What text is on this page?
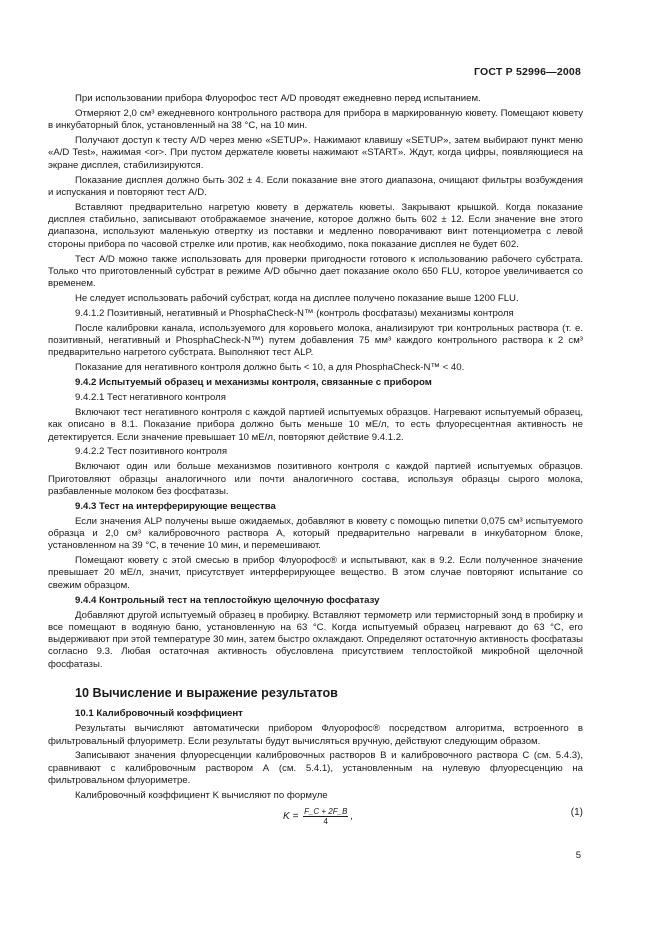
ГОСТ Р 52996—2008
При использовании прибора Флуорофос тест A/D проводят ежедневно перед испытанием.
Отмеряют 2,0 см³ ежедневного контрольного раствора для прибора в маркированную кювету. Помещают кювету в инкубаторный блок, установленный на 38 °С, на 10 мин.
Получают доступ к тесту A/D через меню «SETUP». Нажимают клавишу «SETUP», затем выбирают пункт меню «A/D Test», нажимая <or>. При пустом держателе кюветы нажимают «START». Ждут, когда цифры, появляющиеся на экране дисплея, стабилизируются.
Показание дисплея должно быть 302 ± 4. Если показание вне этого диапазона, очищают фильтры возбуждения и испускания и повторяют тест A/D.
Вставляют предварительно нагретую кювету в держатель кюветы. Закрывают крышкой. Когда показание дисплея стабильно, записывают отображаемое значение, которое должно быть 602 ± 12. Если значение вне этого диапазона, используют маленькую отвертку из поставки и медленно поворачивают винт потенциометра с левой стороны прибора по часовой стрелке или против, как необходимо, пока показание дисплея не будет 602.
Тест A/D можно также использовать для проверки пригодности готового к использованию рабочего субстрата. Только что приготовленный субстрат в режиме A/D обычно дает показание около 650 FLU, которое увеличивается со временем.
Не следует использовать рабочий субстрат, когда на дисплее получено показание выше 1200 FLU.
9.4.1.2 Позитивный, негативный и PhosphaCheck-N™ (контроль фосфатазы) механизмы контроля
После калибровки канала, используемого для коровьего молока, анализируют три контрольных раствора (т. е. позитивный, негативный и PhosphaCheck-N™) путем добавления 75 мм³ каждого контрольного раствора к 2 см³ предварительно нагретого субстрата. Выполняют тест ALP.
Показание для негативного контроля должно быть < 10, а для PhosphaCheck-N™ < 40.
9.4.2 Испытуемый образец и механизмы контроля, связанные с прибором
9.4.2.1 Тест негативного контроля
Включают тест негативного контроля с каждой партией испытуемых образцов. Нагревают испытуемый образец, как описано в 8.1. Показание прибора должно быть меньше 10 мЕ/л, то есть флуоресцентная активность не детектируется. Если значение превышает 10 мЕ/л, повторяют действие 9.4.1.2.
9.4.2.2 Тест позитивного контроля
Включают один или больше механизмов позитивного контроля с каждой партией испытуемых образцов. Приготовляют образцы аналогичного или почти аналогичного состава, используя образцы сырого молока, разбавленные молоком без фосфатазы.
9.4.3 Тест на интерферирующие вещества
Если значения ALP получены выше ожидаемых, добавляют в кювету с помощью пипетки 0,075 см³ испытуемого образца и 2,0 см³ калибровочного раствора А, который предварительно нагревали в инкубаторном блоке, установленном на 39 °С, в течение 10 мин, и перемешивают.
Помещают кювету с этой смесью в прибор Флуорофос® и испытывают, как в 9.2. Если полученное значение превышает 20 мЕ/л, значит, присутствует интерферирующее вещество. В этом случае повторяют испытание со свежим образцом.
9.4.4 Контрольный тест на теплостойкую щелочную фосфатазу
Добавляют другой испытуемый образец в пробирку. Вставляют термометр или термисторный зонд в пробирку и все помещают в водяную баню, установленную на 63 °С. Когда испытуемый образец нагревают до 63 °С, его выдерживают при этой температуре 30 мин, затем быстро охлаждают. Определяют остаточную активность фосфатазы согласно 9.3. Любая остаточная активность обусловлена присутствием теплостойкой микробной щелочной фосфатазы.
10 Вычисление и выражение результатов
10.1 Калибровочный коэффициент
Результаты вычисляют автоматически прибором Флуорофос® посредством алгоритма, встроенного в фильтровальный флуориметр. Если результаты будут вычисляться вручную, действуют следующим образом.
Записывают значения флуоресценции калибровочных растворов В и калибровочного раствора С (см. 5.4.3), сравнивают с калибровочным раствором А (см. 5.4.1), установленным на нулевую флуоресценцию на фильтровальном флуориметре.
Калибровочный коэффициент K вычисляют по формуле
$K = \frac{F\_C + 2F\_B}{4}$ ,	(1)
5
